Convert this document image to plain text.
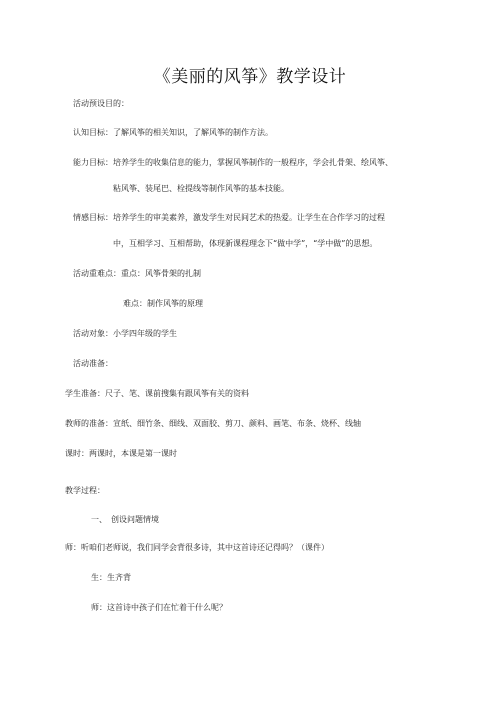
《美丽的风筝》教学设计
活动预设目的：
认知目标：了解风筝的相关知识，了解风筝的制作方法。
能力目标：培养学生的收集信息的能力，掌握风筝制作的一般程序，学会扎骨架、绘风筝、
粘风筝、装尾巴、栓提线等制作风筝的基本技能。
情感目标：培养学生的审美素养，激发学生对民间艺术的热爱。让学生在合作学习的过程
中，互相学习、互相帮助，体现新课程理念下“做中学”，“学中做”的思想。
活动重难点：重点：风筝骨架的扎制
难点：制作风筝的原理
活动对象：小学四年级的学生
活动准备：
学生准备：尺子、笔、课前搜集有跟风筝有关的资料
教师的准备：宣纸、细竹条、细线、双面胶、剪刀、颜料、画笔、布条、烧杯、线轴
课时：两课时，本课是第一课时
教学过程：
一、　创设问题情境
师：听咱们老师说，我们同学会背很多诗，其中这首诗还记得吗？（课件）
生：生齐背
师：这首诗中孩子们在忙着干什么呢？
